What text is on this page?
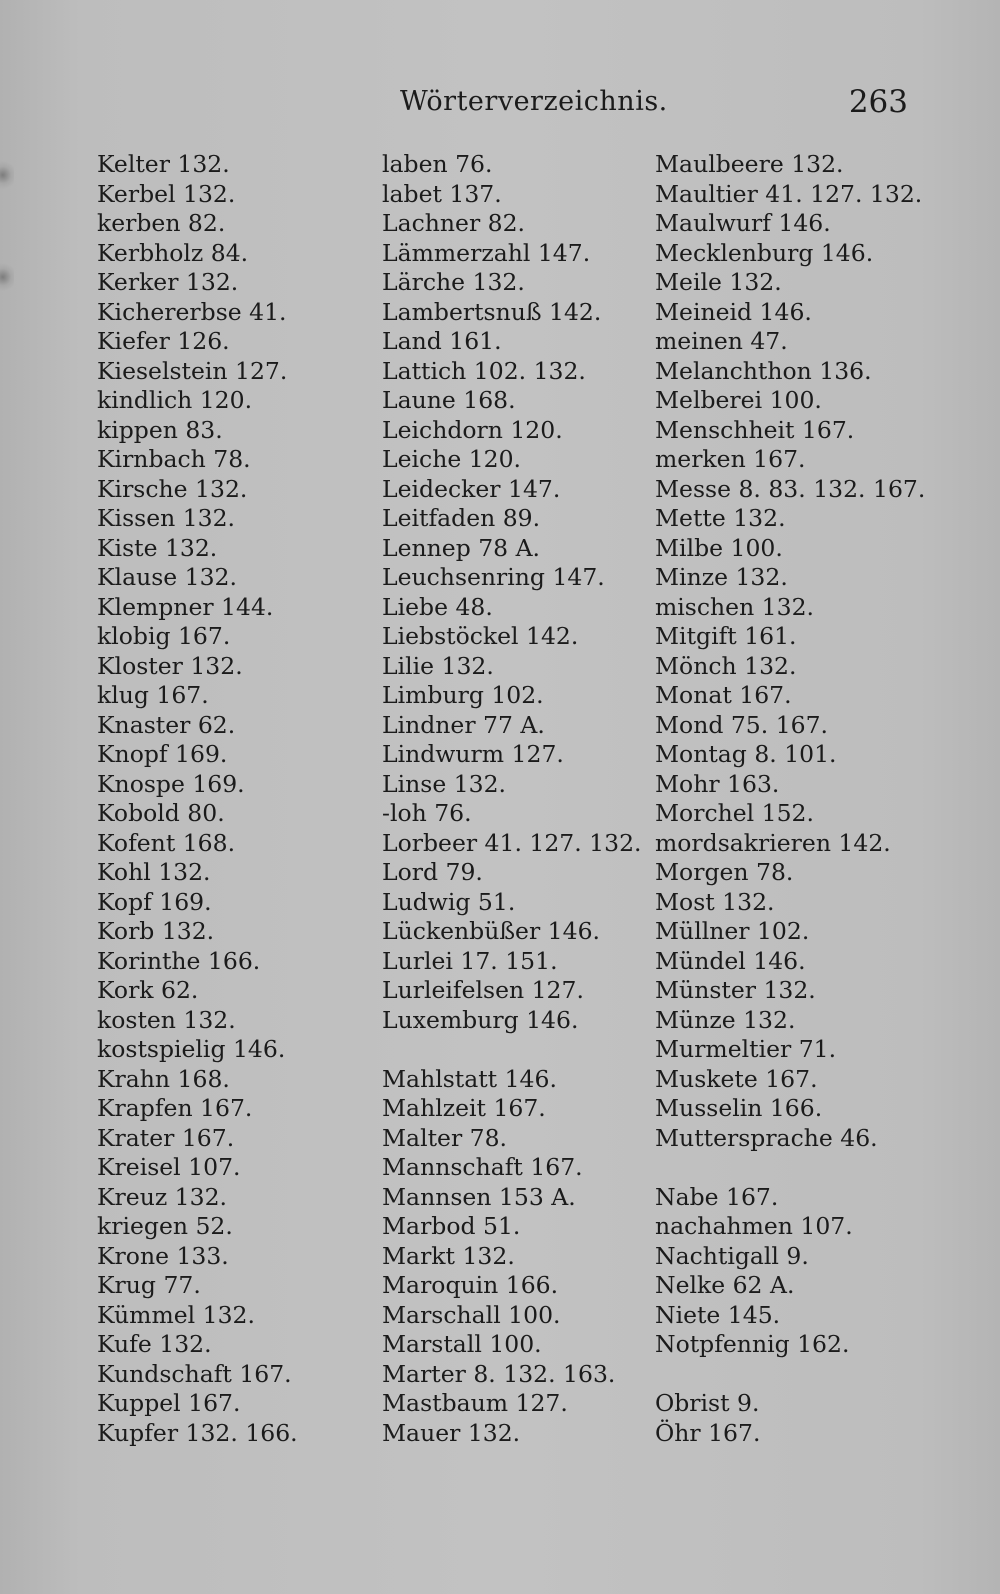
Wörterverzeichnis.	263
Kelter 132.
Kerbel 132.
kerben 82.
Kerbholz 84.
Kerker 132.
Kichererbse 41.
Kiefer 126.
Kieselstein 127.
kindlich 120.
kippen 83.
Kirnbach 78.
Kirsche 132.
Kissen 132.
Kiste 132.
Klause 132.
Klempner 144.
klobig 167.
Kloster 132.
klug 167.
Knaster 62.
Knopf 169.
Knospe 169.
Kobold 80.
Kofent 168.
Kohl 132.
Kopf 169.
Korb 132.
Korinthe 166.
Kork 62.
kosten 132.
kostspielig 146.
Krahn 168.
Krapfen 167.
Krater 167.
Kreisel 107.
Kreuz 132.
kriegen 52.
Krone 133.
Krug 77.
Kümmel 132.
Kufe 132.
Kundschaft 167.
Kuppel 167.
Kupfer 132. 166.
laben 76.
labet 137.
Lachner 82.
Lämmerzahl 147.
Lärche 132.
Lambertsnuß 142.
Land 161.
Lattich 102. 132.
Laune 168.
Leichdorn 120.
Leiche 120.
Leidecker 147.
Leitfaden 89.
Lennep 78 A.
Leuchsenring 147.
Liebe 48.
Liebstöckel 142.
Lilie 132.
Limburg 102.
Lindner 77 A.
Lindwurm 127.
Linse 132.
-loh 76.
Lorbeer 41. 127. 132.
Lord 79.
Ludwig 51.
Lückenbüßer 146.
Lurlei 17. 151.
Lurleifelsen 127.
Luxemburg 146.
Mahlstatt 146.
Mahlzeit 167.
Malter 78.
Mannschaft 167.
Mannsen 153 A.
Marbod 51.
Markt 132.
Maroquin 166.
Marschall 100.
Marstall 100.
Marter 8. 132. 163.
Mastbaum 127.
Mauer 132.
Maulbeere 132.
Maultier 41. 127. 132.
Maulwurf 146.
Mecklenburg 146.
Meile 132.
Meineid 146.
meinen 47.
Melanchthon 136.
Melberei 100.
Menschheit 167.
merken 167.
Messe 8. 83. 132. 167.
Mette 132.
Milbe 100.
Minze 132.
mischen 132.
Mitgift 161.
Mönch 132.
Monat 167.
Mond 75. 167.
Montag 8. 101.
Mohr 163.
Morchel 152.
mordsakrieren 142.
Morgen 78.
Most 132.
Müllner 102.
Mündel 146.
Münster 132.
Münze 132.
Murmeltier 71.
Muskete 167.
Musselin 166.
Muttersprache 46.
Nabe 167.
nachahmen 107.
Nachtigall 9.
Nelke 62 A.
Niete 145.
Notpfennig 162.
Obrist 9.
Öhr 167.
